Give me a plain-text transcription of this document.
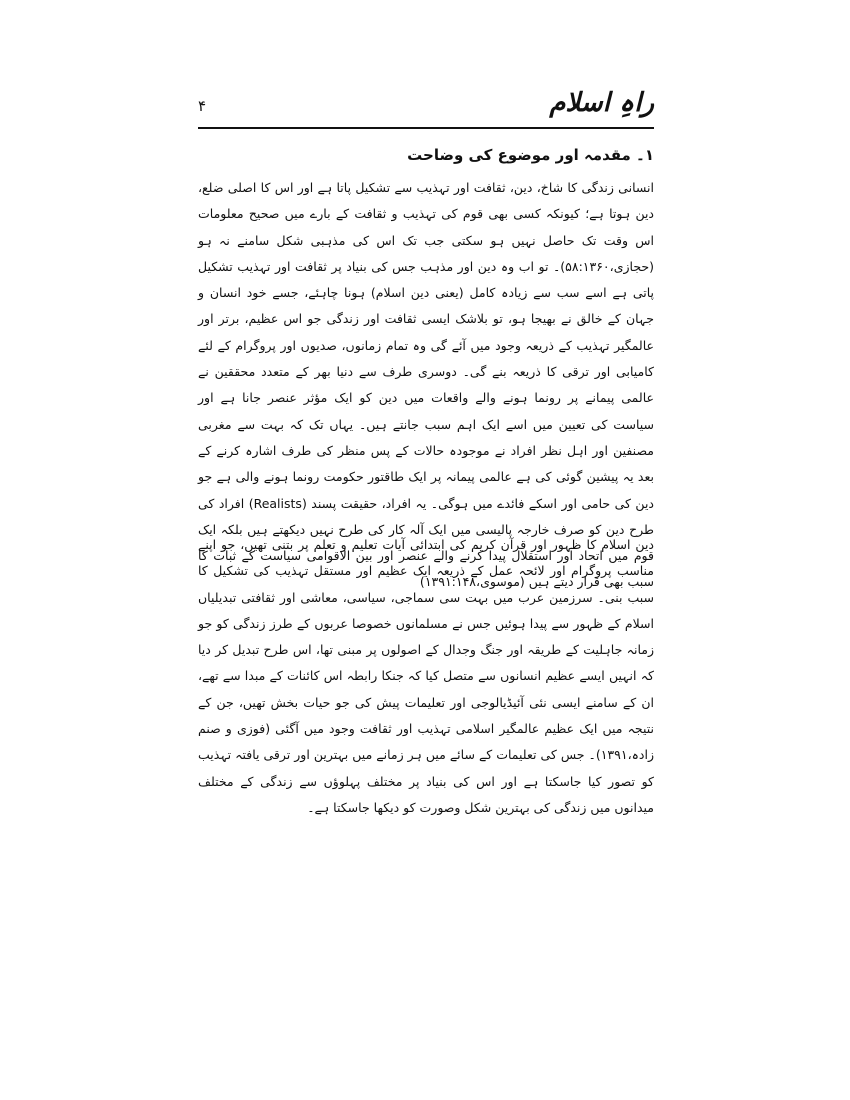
راہِ اسلام
۴
۱۔ مقدمہ اور موضوع کی وضاحت

انسانی زندگی کا شاخ، دین، ثقافت اور تہذیب سے تشکیل پاتا ہے اور اس کا اصلی ضلع، دین ہوتا ہے؛ کیونکہ کسی بھی قوم کی تہذیب و ثقافت کے بارے میں صحیح معلومات اس وقت تک حاصل نہیں ہو سکتی جب تک اس کی مذہبی شکل سامنے نہ ہو (حجازی،۵۸:۱۳۶۰)۔ تو اب وہ دین اور مذہب جس کی بنیاد پر ثقافت اور تہذیب تشکیل پاتی ہے اسے سب سے زیادہ کامل (یعنی دین اسلام) ہونا چاہئے، جسے خود انسان و جہان کے خالق نے بھیجا ہو، تو بلاشک ایسی ثقافت اور زندگی جو اس عظیم، برتر اور عالمگیر تہذیب کے ذریعہ وجود میں آئے گی وہ تمام زمانوں، صدیوں اور پروگرام کے لئے کامیابی اور ترقی کا ذریعہ بنے گی۔ دوسری طرف سے دنیا بھر کے متعدد محققین نے عالمی پیمانے پر رونما ہونے والے واقعات میں دین کو ایک مؤثر عنصر جانا ہے اور سیاست کی تعیین میں اسے ایک اہم سبب جانتے ہیں۔ یہاں تک کہ بہت سے مغربی مصنفین اور اہل نظر افراد نے موجودہ حالات کے پس منظر کی طرف اشارہ کرنے کے بعد یہ پیشین گوئی کی ہے عالمی پیمانہ پر ایک طاقتور حکومت رونما ہونے والی ہے جو دین کی حامی اور اسکے فائدے میں ہوگی۔ یہ افراد، حقیقت پسند (Realists) افراد کی طرح دین کو صرف خارجہ پالیسی میں ایک آلہ کار کی طرح نہیں دیکھتے ہیں بلکہ ایک قوم میں اتحاد اور استقلال پیدا کرنے والے عنصر اور بین الاقوامی سیاست کے ثبات کا سبب بھی قرار دیتے ہیں (موسوی،۱۳۹۱:۱۴۸)

دین اسلام کا ظہور اور قرآن کریم کی ابتدائی آیات تعلیم و تعلم پر بتنی تھیں، جو اپنے مناسب پروگرام اور لائحہ عمل کے ذریعہ ایک عظیم اور مستقل تہذیب کی تشکیل کا سبب بنی۔ سرزمین عرب میں بہت سی سماجی، سیاسی، معاشی اور ثقافتی تبدیلیاں اسلام کے ظہور سے پیدا ہوئیں جس نے مسلمانوں خصوصا عربوں کے طرز زندگی کو جو زمانہ جاہلیت کے طریقہ اور جنگ وجدال کے اصولوں پر مبنی تھا، اس طرح تبدیل کر دیا کہ انہیں ایسے عظیم انسانوں سے متصل کیا کہ جنکا رابطہ اس کائنات کے مبدا سے تھے، ان کے سامنے ایسی نئی آئیڈیالوجی اور تعلیمات پیش کی جو حیات بخش تھیں، جن کے نتیجہ میں ایک عظیم عالمگیر اسلامی تہذیب اور ثقافت وجود میں آگئی (فوزی و صنم زادہ،۱۳۹۱)۔ جس کی تعلیمات کے سائے میں ہر زمانے میں بہترین اور ترقی یافتہ تہذیب کو تصور کیا جاسکتا ہے اور اس کی بنیاد پر مختلف پہلوؤں سے زندگی کے مختلف میدانوں میں زندگی کی بہترین شکل وصورت کو دیکھا جاسکتا ہے۔
